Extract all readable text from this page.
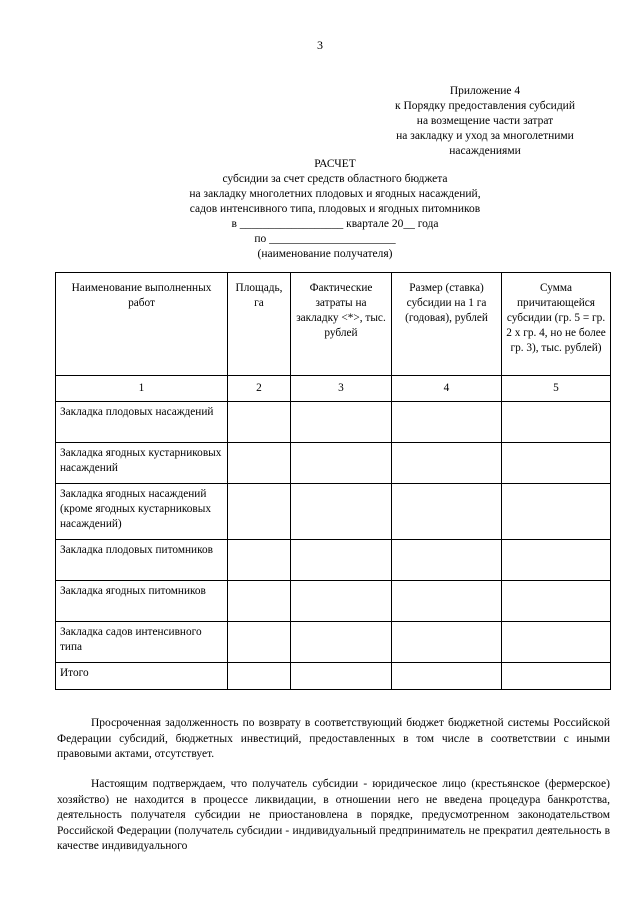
3
Приложение 4
к Порядку предоставления субсидий
на возмещение части затрат
на закладку и уход за многолетними
насаждениями
РАСЧЕТ
субсидии за счет средств областного бюджета
на закладку многолетних плодовых и ягодных насаждений,
садов интенсивного типа, плодовых и ягодных питомников
в __________________ квартале 20__ года
по ______________________
(наименование получателя)
Наименование выполненных работ	Площадь, га	Фактические затраты на закладку <*>, тыс. рублей	Размер (ставка) субсидии на 1 га (годовая), рублей	Сумма причитающейся субсидии (гр. 5 = гр. 2 x гр. 4, но не более гр. 3), тыс. рублей)
1	2	3	4	5
Закладка плодовых насаждений				
Закладка ягодных кустарниковых насаждений				
Закладка ягодных насаждений (кроме ягодных кустарниковых насаждений)				
Закладка плодовых питомников				
Закладка ягодных питомников				
Закладка садов интенсивного типа				
Итого				
Просроченная задолженность по возврату в соответствующий бюджет бюджетной системы Российской Федерации субсидий, бюджетных инвестиций, предоставленных в том числе в соответствии с иными правовыми актами, отсутствует.
Настоящим подтверждаем, что получатель субсидии - юридическое лицо (крестьянское (фермерское) хозяйство) не находится в процессе ликвидации, в отношении него не введена процедура банкротства, деятельность получателя субсидии не приостановлена в порядке, предусмотренном законодательством Российской Федерации (получатель субсидии - индивидуальный предприниматель не прекратил деятельность в качестве индивидуального
